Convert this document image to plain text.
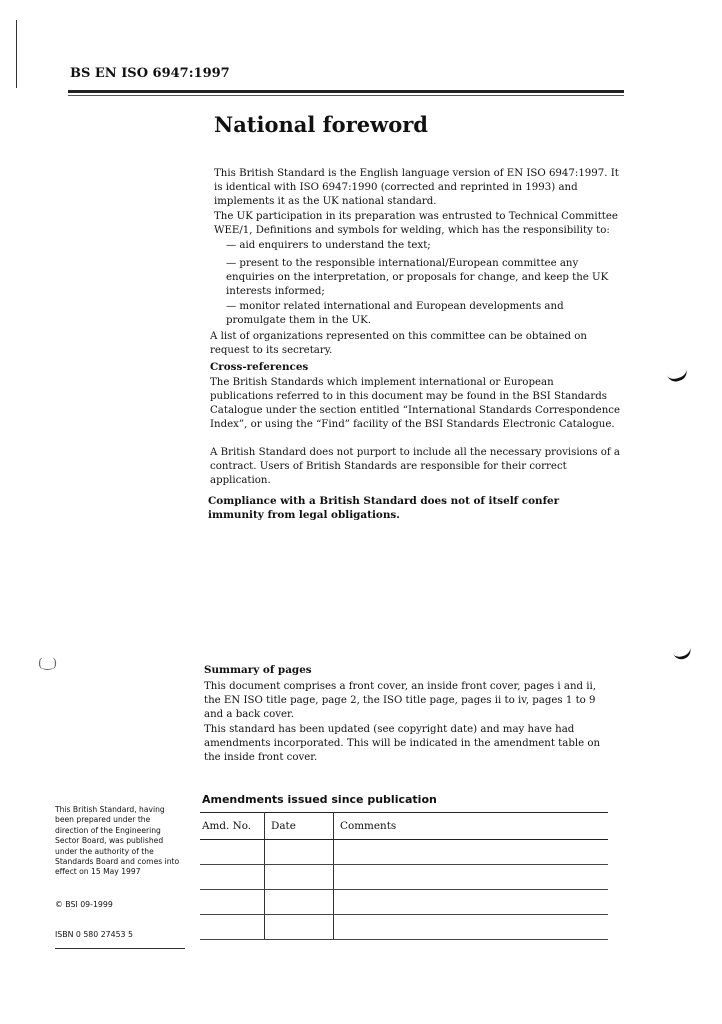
BS EN ISO 6947:1997
National foreword
This British Standard is the English language version of EN ISO 6947:1997. It is identical with ISO 6947:1990 (corrected and reprinted in 1993) and implements it as the UK national standard.
The UK participation in its preparation was entrusted to Technical Committee WEE/1, Definitions and symbols for welding, which has the responsibility to:
— aid enquirers to understand the text;
— present to the responsible international/European committee any enquiries on the interpretation, or proposals for change, and keep the UK interests informed;
— monitor related international and European developments and promulgate them in the UK.
A list of organizations represented on this committee can be obtained on request to its secretary.
Cross-references
The British Standards which implement international or European publications referred to in this document may be found in the BSI Standards Catalogue under the section entitled “International Standards Correspondence Index”, or using the “Find” facility of the BSI Standards Electronic Catalogue.
A British Standard does not purport to include all the necessary provisions of a contract. Users of British Standards are responsible for their correct application.
Compliance with a British Standard does not of itself confer immunity from legal obligations.
(‿)	Summary of pages
This document comprises a front cover, an inside front cover, pages i and ii, the EN ISO title page, page 2, the ISO title page, pages ii to iv, pages 1 to 9 and a back cover.
This standard has been updated (see copyright date) and may have had amendments incorporated. This will be indicated in the amendment table on the inside front cover.
This British Standard, having been prepared under the direction of the Engineering Sector Board, was published under the authority of the Standards Board and comes into effect on 15 May 1997
© BSI 09-1999
ISBN 0 580 27453 5
Amendments issued since publication
Amd. No.	Date	Comments
